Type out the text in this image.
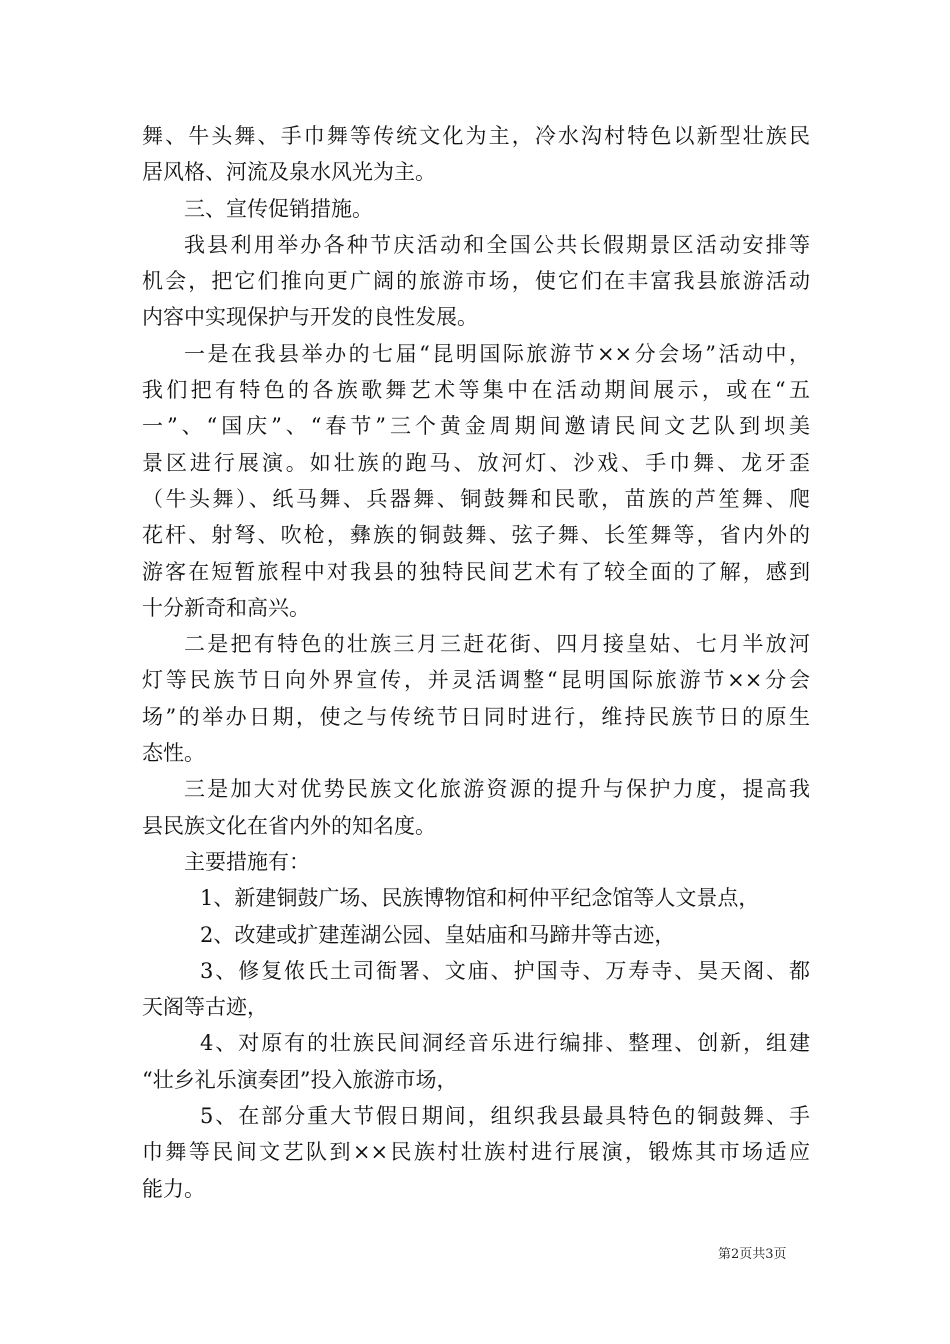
舞、牛头舞、手巾舞等传统文化为主，冷水沟村特色以新型壮族民
居风格、河流及泉水风光为主。
三、宣传促销措施。
我县利用举办各种节庆活动和全国公共长假期景区活动安排等
机会，把它们推向更广阔的旅游市场，使它们在丰富我县旅游活动
内容中实现保护与开发的良性发展。
一是在我县举办的七届“昆明国际旅游节××分会场”活动中，
我们把有特色的各族歌舞艺术等集中在活动期间展示，或在“五
一”、“国庆”、“春节”三个黄金周期间邀请民间文艺队到坝美
景区进行展演。如壮族的跑马、放河灯、沙戏、手巾舞、龙牙歪
（牛头舞）、纸马舞、兵器舞、铜鼓舞和民歌，苗族的芦笙舞、爬
花杆、射弩、吹枪，彝族的铜鼓舞、弦子舞、长笙舞等，省内外的
游客在短暂旅程中对我县的独特民间艺术有了较全面的了解，感到
十分新奇和高兴。
二是把有特色的壮族三月三赶花街、四月接皇姑、七月半放河
灯等民族节日向外界宣传，并灵活调整“昆明国际旅游节××分会
场”的举办日期，使之与传统节日同时进行，维持民族节日的原生
态性。
三是加大对优势民族文化旅游资源的提升与保护力度，提高我
县民族文化在省内外的知名度。
主要措施有：
1、新建铜鼓广场、民族博物馆和柯仲平纪念馆等人文景点，
2、改建或扩建莲湖公园、皇姑庙和马蹄井等古迹，
3、修复侬氏土司衙署、文庙、护国寺、万寿寺、昊天阁、都
天阁等古迹，
4、对原有的壮族民间洞经音乐进行编排、整理、创新，组建
“壮乡礼乐演奏团”投入旅游市场，
5、在部分重大节假日期间，组织我县最具特色的铜鼓舞、手
巾舞等民间文艺队到××民族村壮族村进行展演，锻炼其市场适应
能力。
第2页共3页
